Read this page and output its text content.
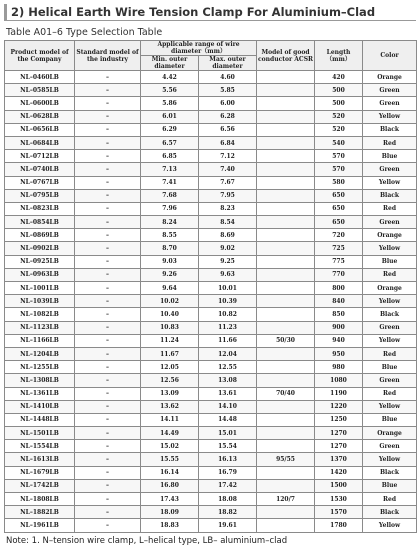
2) Helical Earth Wire Tension Clamp For Aluminium–Clad
Table A01–6 Type Selection Table
Product model of the Company	Standard model of the industry	Applicable range of wire diameter（mm）		Model of good conductor ACSR	Length（mm）	Color
		Min. outer diameter	Max. outer diameter			
NL–0460LB	–	4.42	4.60		420	Orange
NL–0585LB	–	5.56	5.85		500	Green
NL–0600LB	–	5.86	6.00		500	Green
NL–0628LB	–	6.01	6.28		520	Yellow
NL–0656LB	–	6.29	6.56		520	Black
NL–0684LB	–	6.57	6.84		540	Red
NL–0712LB	–	6.85	7.12		570	Blue
NL–0740LB	–	7.13	7.40		570	Green
NL–0767LB	–	7.41	7.67		580	Yellow
NL–0795LB	–	7.68	7.95		650	Black
NL–0823LB	–	7.96	8.23		650	Red
NL–0854LB	–	8.24	8.54		650	Green
NL–0869LB	–	8.55	8.69		720	Orange
NL–0902LB	–	8.70	9.02		725	Yellow
NL–0925LB	–	9.03	9.25		775	Blue
NL–0963LB	–	9.26	9.63		770	Red
NL–1001LB	–	9.64	10.01		800	Orange
NL–1039LB	–	10.02	10.39		840	Yellow
NL–1082LB	–	10.40	10.82		850	Black
NL–1123LB	–	10.83	11.23		900	Green
NL–1166LB	–	11.24	11.66	50/30	940	Yellow
NL–1204LB	–	11.67	12.04		950	Red
NL–1255LB	–	12.05	12.55		980	Blue
NL–1308LB	–	12.56	13.08		1080	Green
NL–1361LB	–	13.09	13.61	70/40	1190	Red
NL–1410LB	–	13.62	14.10		1220	Yellow
NL–1448LB	–	14.11	14.48		1250	Blue
NL–1501LB	–	14.49	15.01		1270	Orange
NL–1554LB	–	15.02	15.54		1270	Green
NL–1613LB	–	15.55	16.13	95/55	1370	Yellow
NL–1679LB	–	16.14	16.79		1420	Black
NL–1742LB	–	16.80	17.42		1500	Blue
NL–1808LB	–	17.43	18.08	120/7	1530	Red
NL–1882LB	–	18.09	18.82		1570	Black
NL–1961LB	–	18.83	19.61		1780	Yellow
Note: 1. N–tension wire clamp, L–helical type, LB– aluminium–clad
